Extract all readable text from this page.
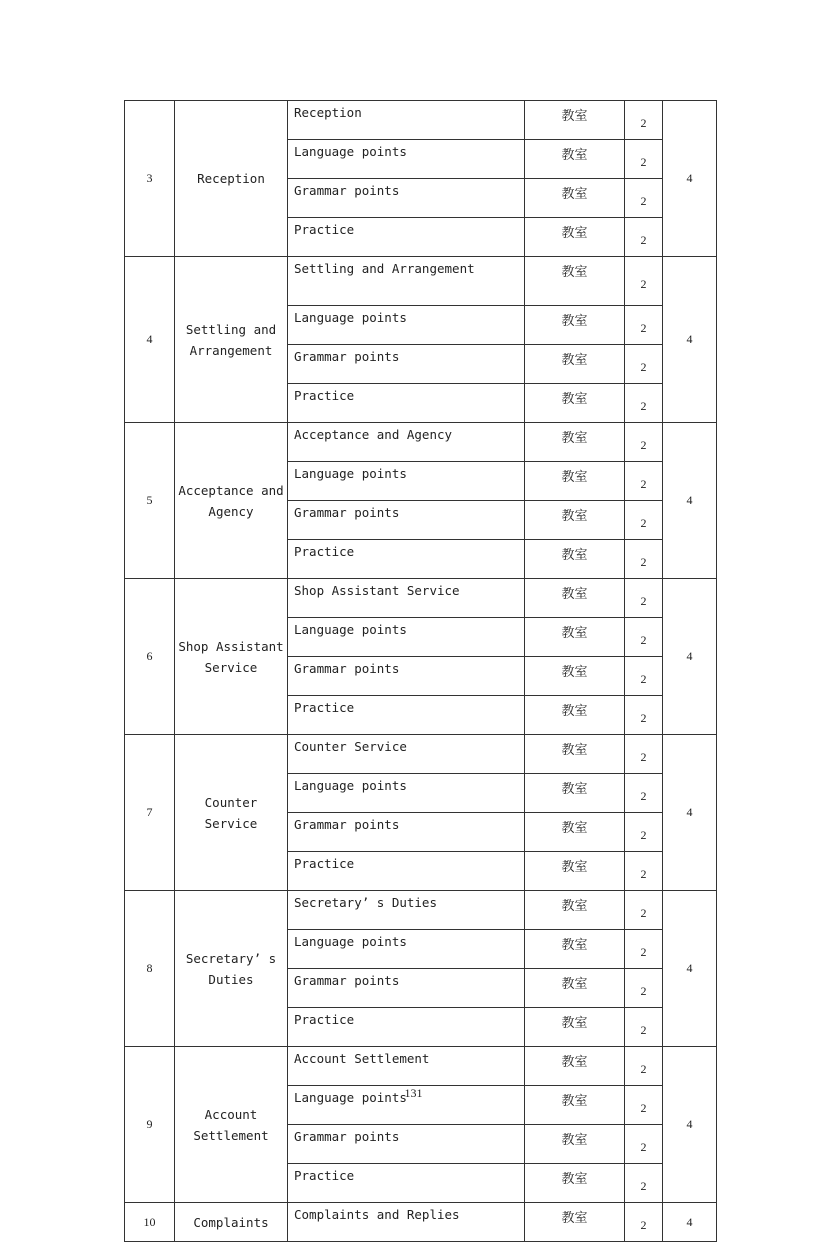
3	Reception	Reception	教室	2	4
		Language points	教室	2	
		Grammar points	教室	2	
		Practice	教室	2	
4	Settling and Arrangement	Settling and Arrangement	教室	2	4
		Language points	教室	2	
		Grammar points	教室	2	
		Practice	教室	2	
5	Acceptance and Agency	Acceptance and Agency	教室	2	4
		Language points	教室	2	
		Grammar points	教室	2	
		Practice	教室	2	
6	Shop Assistant Service	Shop Assistant Service	教室	2	4
		Language points	教室	2	
		Grammar points	教室	2	
		Practice	教室	2	
7	Counter Service	Counter Service	教室	2	4
		Language points	教室	2	
		Grammar points	教室	2	
		Practice	教室	2	
8	Secretary’ s Duties	Secretary’ s Duties	教室	2	4
		Language points	教室	2	
		Grammar points	教室	2	
		Practice	教室	2	
9	Account Settlement	Account Settlement	教室	2	4
		Language points	教室	2	
		Grammar points	教室	2	
		Practice	教室	2	
10	Complaints	Complaints and Replies	教室	2	4
131
